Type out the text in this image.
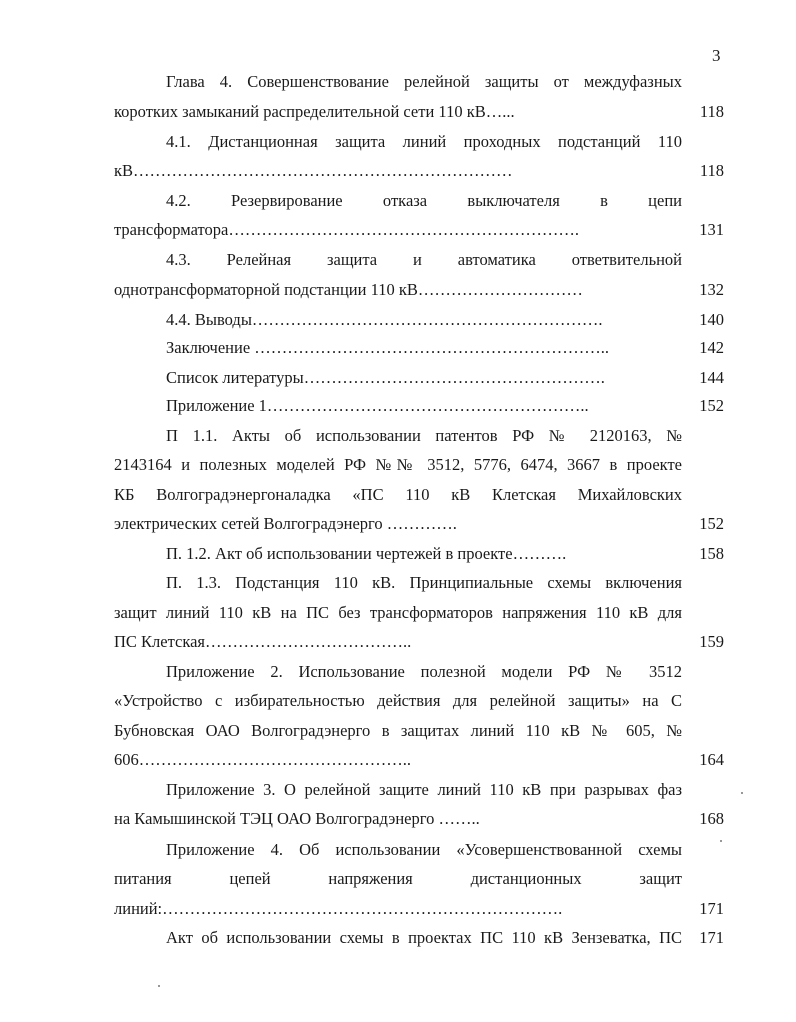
3
Глава 4. Совершенствование релейной защиты от междуфазных
коротких замыканий распределительной сети 110 кВ…...
4.1. Дистанционная защита линий проходных подстанций 110
кВ……………………………………………………………
4.2. Резервирование отказа выключателя в цепи
трансформатора……………………………………………………….
4.3. Релейная защита и автоматика ответвительной
однотрансформаторной подстанции 110 кВ…………………………
4.4. Выводы……………………………………………………….
Заключение ………………………………………………………..
Список литературы……………………………………………….
Приложение 1…………………………………………………..
П 1.1. Акты об использовании патентов РФ № 2120163, №
2143164 и полезных моделей РФ №№ 3512, 5776, 6474, 3667 в проекте
КБ Волгоградэнергоналадка «ПС 110 кВ Клетская Михайловских
электрических сетей Волгоградэнерго ………….
П. 1.2. Акт об использовании чертежей в проекте……….
П. 1.3. Подстанция 110 кВ. Принципиальные схемы включения
защит линий 110 кВ на ПС без трансформаторов напряжения 110 кВ для
ПС Клетская………………………………..
Приложение 2. Использование полезной модели РФ № 3512
«Устройство с избирательностью действия для релейной защиты» на С
Бубновская ОАО Волгоградэнерго в защитах линий 110 кВ № 605, №
606…………………………………………..
Приложение 3. О релейной защите линий 110 кВ при разрывах фаз
на Камышинской ТЭЦ ОАО Волгоградэнерго ……..
Приложение 4. Об использовании «Усовершенствованной схемы
питания цепей напряжения дистанционных защит
линий:……………………………………………………………….
Акт об использовании схемы в проектах ПС 110 кВ Зензеватка, ПС
118
118
131
132
140
142
144
152
152
158
159
164
168
171
171
